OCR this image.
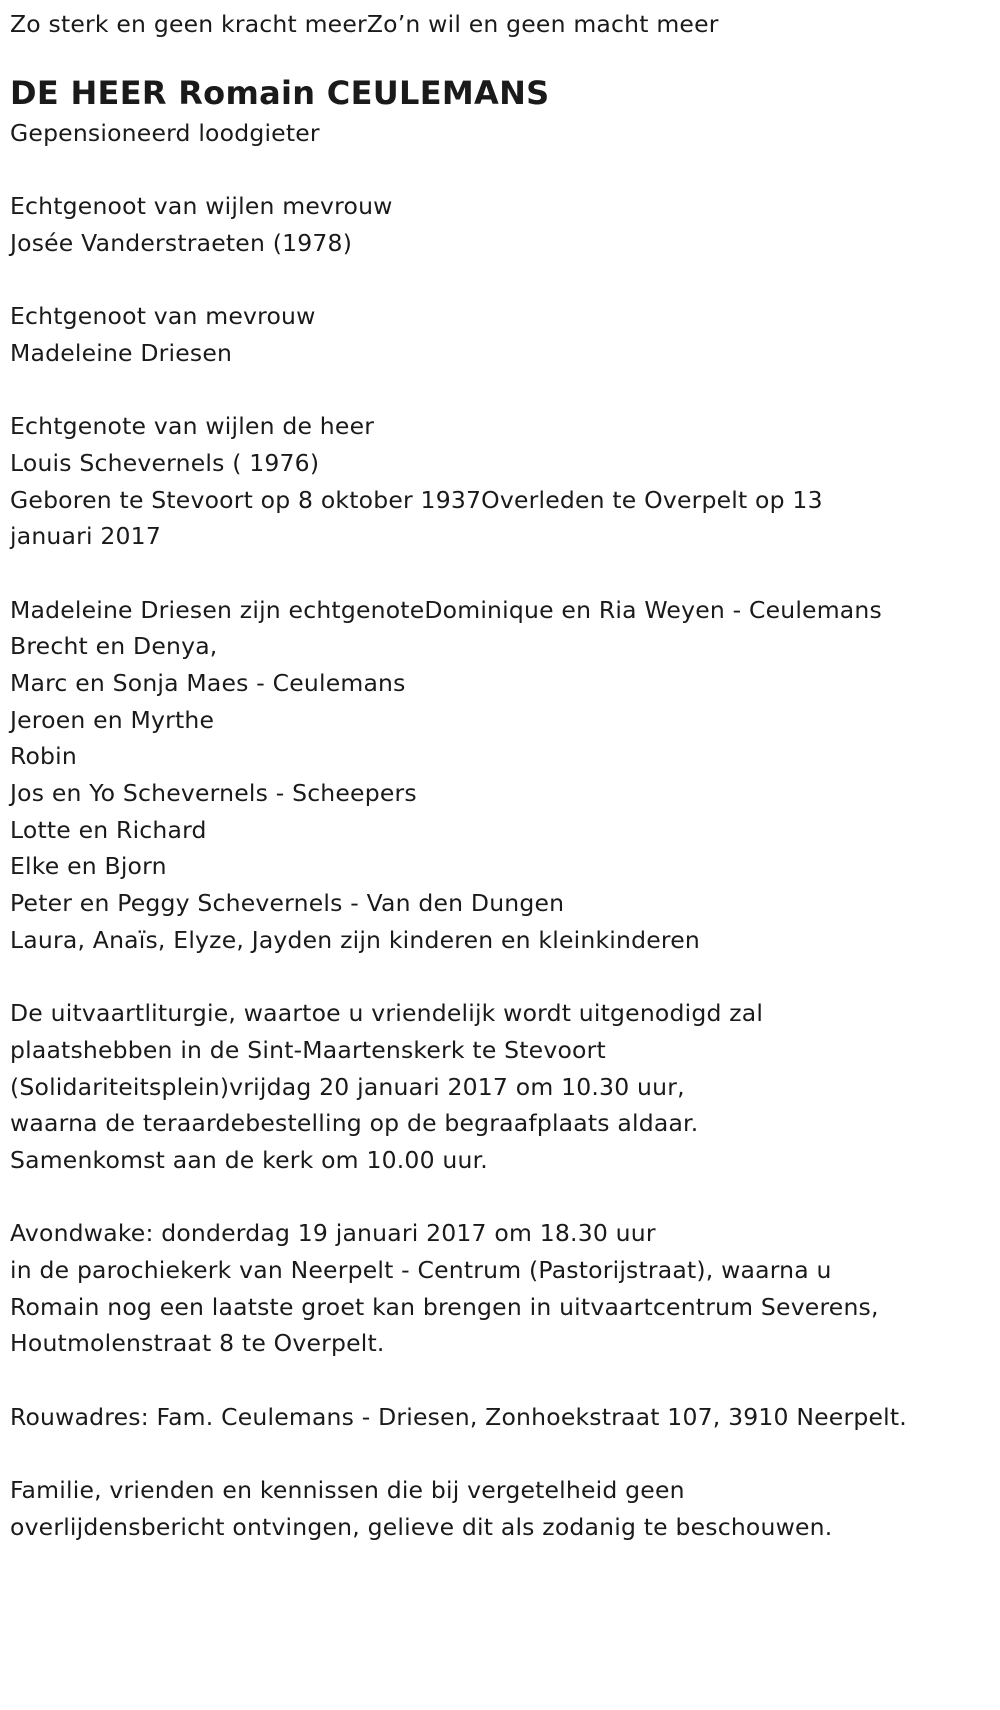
Zo sterk en geen kracht meerZo’n wil en geen macht meer
DE HEER Romain CEULEMANS
Gepensioneerd loodgieter
Echtgenoot van wijlen mevrouw
Josée Vanderstraeten (1978)
Echtgenoot van mevrouw
Madeleine Driesen
Echtgenote van wijlen de heer
Louis Schevernels ( 1976)
Geboren te Stevoort op 8 oktober 1937Overleden te Overpelt op 13
januari 2017
Madeleine Driesen zijn echtgenoteDominique en Ria Weyen - Ceulemans
Brecht en Denya,
Marc en Sonja Maes - Ceulemans
Jeroen en Myrthe
Robin
Jos en Yo Schevernels - Scheepers
Lotte en Richard
Elke en Bjorn
Peter en Peggy Schevernels - Van den Dungen
Laura, Anaïs, Elyze, Jayden zijn kinderen en kleinkinderen
De uitvaartliturgie, waartoe u vriendelijk wordt uitgenodigd zal
plaatshebben in de Sint-Maartenskerk te Stevoort
(Solidariteitsplein)vrijdag 20 januari 2017 om 10.30 uur,
waarna de teraardebestelling op de begraafplaats aldaar.
Samenkomst aan de kerk om 10.00 uur.
Avondwake: donderdag 19 januari 2017 om 18.30 uur
in de parochiekerk van Neerpelt - Centrum (Pastorijstraat), waarna u
Romain nog een laatste groet kan brengen in uitvaartcentrum Severens,
Houtmolenstraat 8 te Overpelt.
Rouwadres: Fam. Ceulemans - Driesen, Zonhoekstraat 107, 3910 Neerpelt.
Familie, vrienden en kennissen die bij vergetelheid geen
overlijdensbericht ontvingen, gelieve dit als zodanig te beschouwen.
